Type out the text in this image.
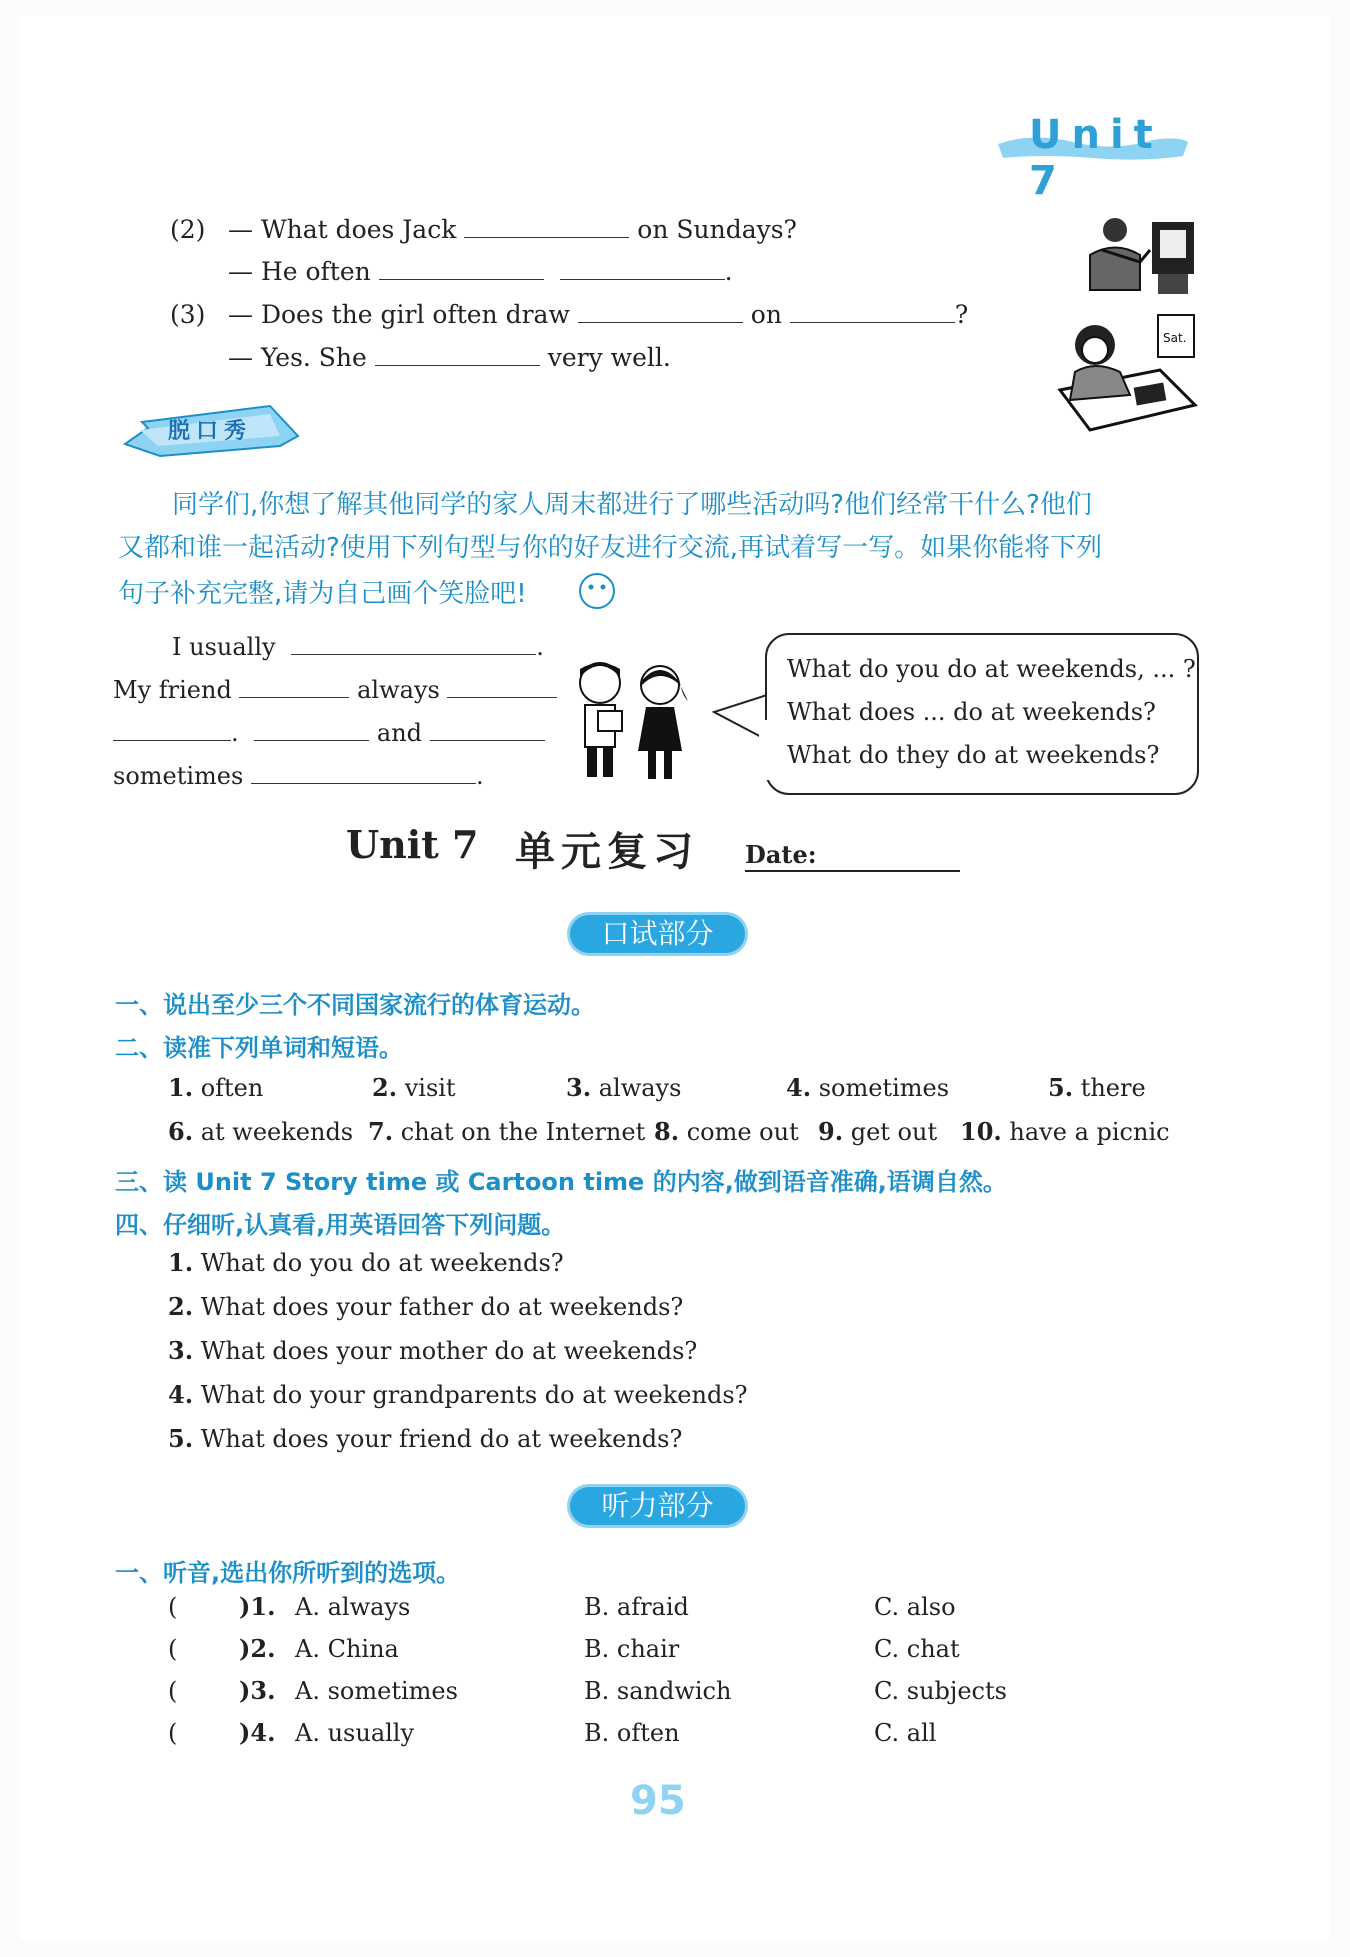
Unit 7
(2) — What does Jack	on Sundays?
— He often	.
(3) — Does the girl often draw	on	?
— Yes. She	very well.
Sat.
脱口秀
同学们,你想了解其他同学的家人周末都进行了哪些活动吗?他们经常干什么?他们
又都和谁一起活动?使用下列句型与你的好友进行交流,再试着写一写。如果你能将下列
句子补充完整,请为自己画个笑脸吧!
I usually	.
My friend	always
.	and
sometimes	.
What do you do at weekends, ... ?
What does ... do at weekends?
What do they do at weekends?
Unit 7 单元复习 Date:
口试部分
一、说出至少三个不同国家流行的体育运动。
二、读准下列单词和短语。
1. often	2. visit	3. always	4. sometimes	5. there
6. at weekends 7. chat on the Internet 8. come out 9. get out 10. have a picnic
三、读 Unit 7 Story time 或 Cartoon time 的内容,做到语音准确,语调自然。
四、仔细听,认真看,用英语回答下列问题。
1. What do you do at weekends?
2. What does your father do at weekends?
3. What does your mother do at weekends?
4. What do your grandparents do at weekends?
5. What does your friend do at weekends?
听力部分
一、听音,选出你所听到的选项。
(	)1. A. always	B. afraid	C. also
(	)2. A. China	B. chair	C. chat
(	)3. A. sometimes	B. sandwich	C. subjects
(	)4. A. usually	B. often	C. all
95
